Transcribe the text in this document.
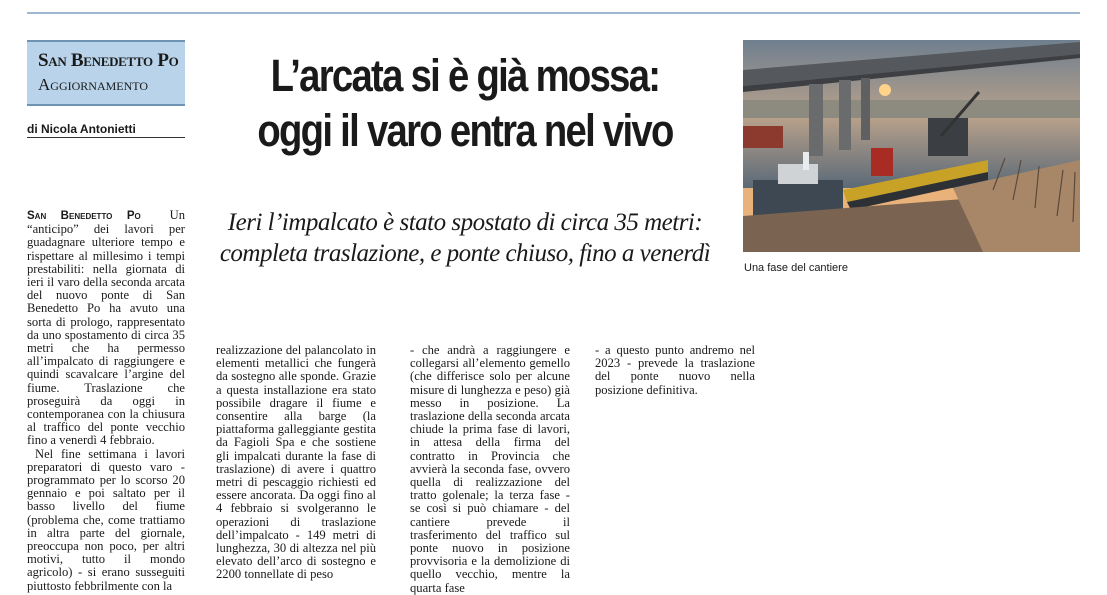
San Benedetto Po
Aggiornamento
di Nicola Antonietti
L’arcata si è già mossa:
oggi il varo entra nel vivo
Ieri l’impalcato è stato spostato di circa 35 metri:
completa traslazione, e ponte chiuso, fino a venerdì
Una fase del cantiere

San Benedetto Po Un “anticipo” dei lavori per guadagnare ulteriore tempo e rispettare al millesimo i tempi prestabiliti: nella giornata di ieri il varo della seconda arcata del nuovo ponte di San Benedetto Po ha avuto una sorta di prologo, rappresentato da uno spostamento di circa 35 metri che ha permesso all’impalcato di raggiungere e quindi scavalcare l’argine del fiume. Traslazione che proseguirà da oggi in contemporanea con la chiusura al traffico del ponte vecchio fino a venerdì 4 febbraio.

Nel fine settimana i lavori preparatori di questo varo - programmato per lo scorso 20 gennaio e poi saltato per il basso livello del fiume (problema che, come trattiamo in altra parte del giornale, preoccupa non poco, per altri motivi, tutto il mondo agricolo) - si erano susseguiti piuttosto febbrilmente con la

realizzazione del palancolato in elementi metallici che fungerà da sostegno alle sponde. Grazie a questa installazione era stato possibile dragare il fiume e consentire alla barge (la piattaforma galleggiante gestita da Fagioli Spa e che sostiene gli impalcati durante la fase di traslazione) di avere i quattro metri di pescaggio richiesti ed essere ancorata. Da oggi fino al 4 febbraio si svolgeranno le operazioni di traslazione dell’impalcato - 149 metri di lunghezza, 30 di altezza nel più elevato dell’arco di sostegno e 2200 tonnellate di peso

- che andrà a raggiungere e collegarsi all’elemento gemello (che differisce solo per alcune misure di lunghezza e peso) già messo in posizione. La traslazione della seconda arcata chiude la prima fase di lavori, in attesa della firma del contratto in Provincia che avvierà la seconda fase, ovvero quella di realizzazione del tratto golenale; la terza fase - se così si può chiamare - del cantiere prevede il trasferimento del traffico sul ponte nuovo in posizione provvisoria e la demolizione di quello vecchio, mentre la quarta fase

- a questo punto andremo nel 2023 - prevede la traslazione del ponte nuovo nella posizione definitiva.
